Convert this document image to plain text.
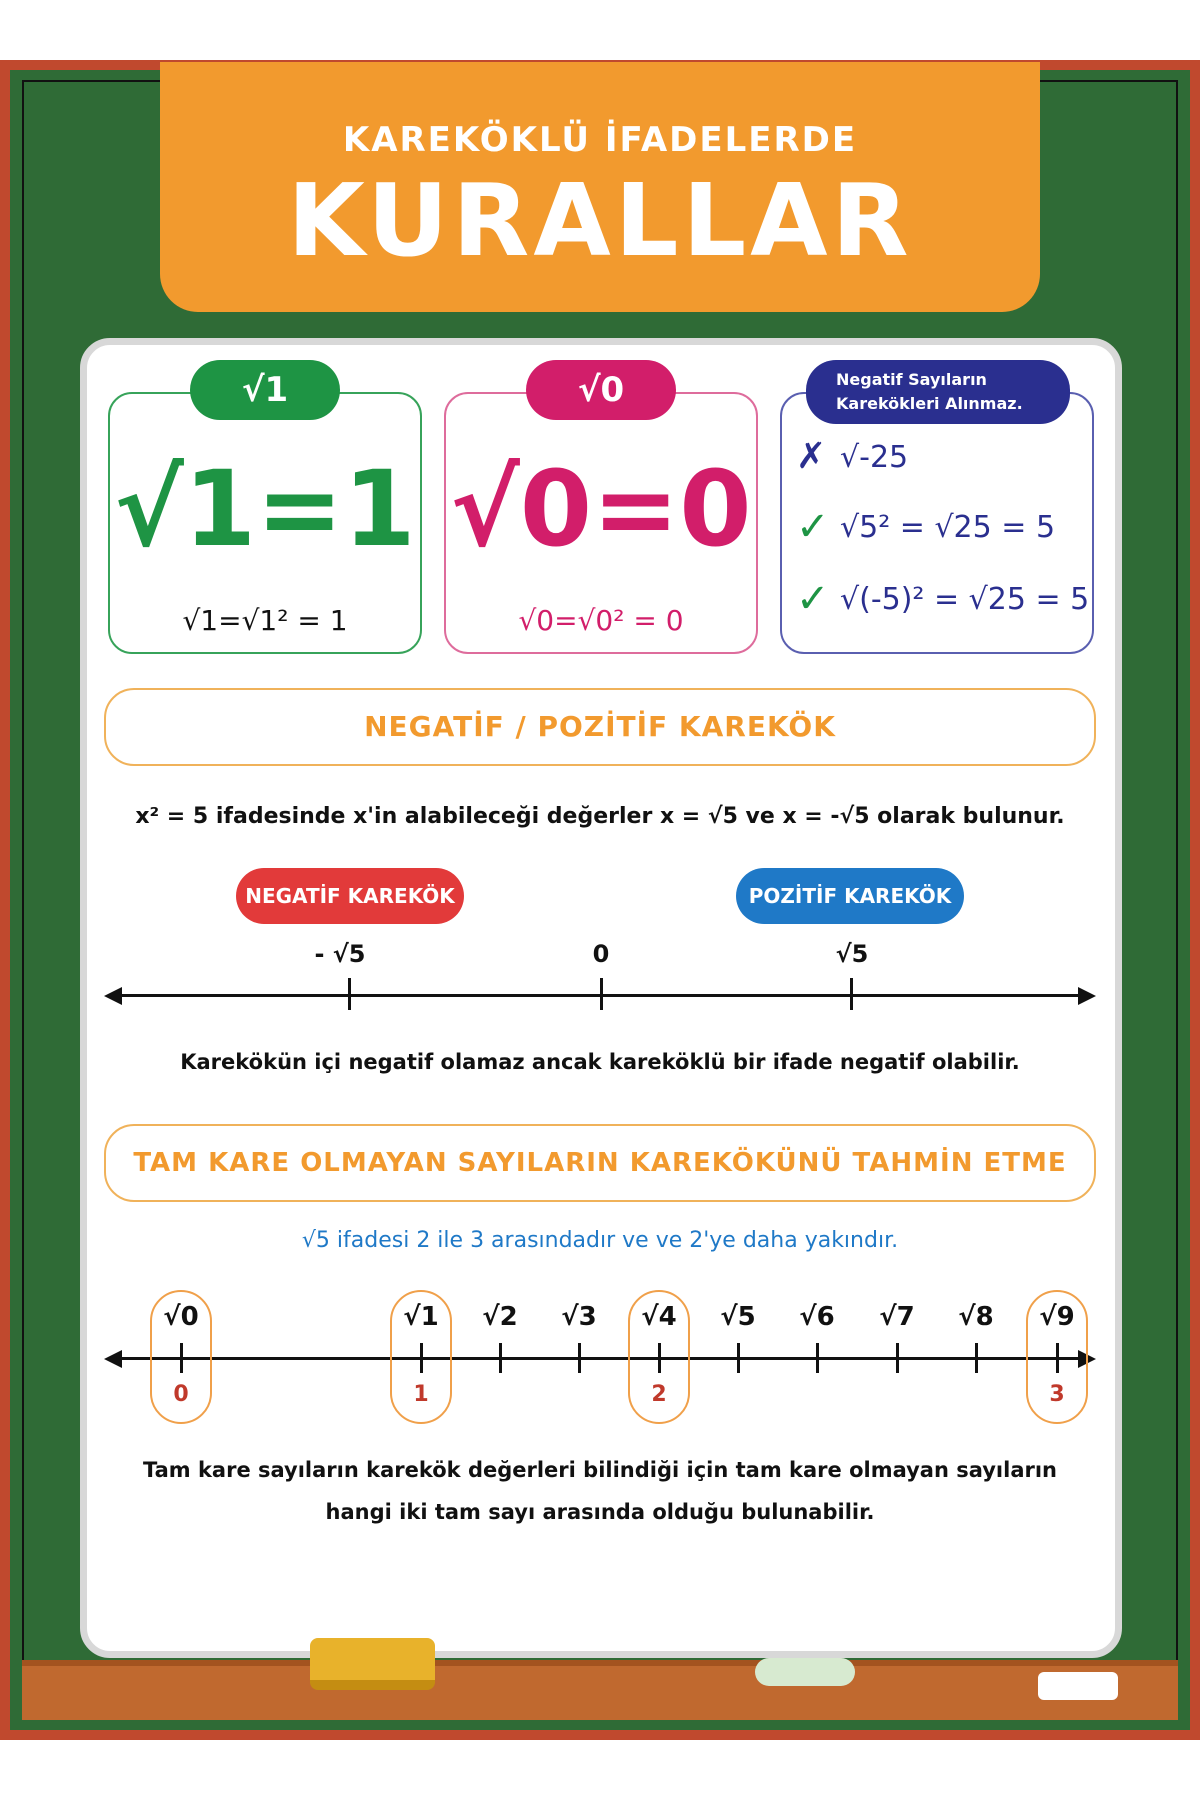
KAREKÖKLÜ İFADELERDE
KURALLAR
√1
√1=1
√1=√1² = 1
√0
√0=0
√0=√0² = 0
Negatif Sayıların Karekökleri Alınmaz.
✗ √-25
✓ √5² = √25 = 5
✓ √(-5)² = √25 = 5
NEGATİF / POZİTİF KAREKÖK
x² = 5 ifadesinde x'in alabileceği değerler x = √5 ve x = -√5 olarak bulunur.
NEGATİF KAREKÖK	POZİTİF KAREKÖK
- √5	0	√5
Karekökün içi negatif olamaz ancak kareköklü bir ifade negatif olabilir.
TAM KARE OLMAYAN SAYILARIN KAREKÖKÜNÜ TAHMİN ETME
√5 ifadesi 2 ile 3 arasındadır ve ve 2'ye daha yakındır.
√0
0
√1
1
√2	√3	√4
2
√5	√6	√7	√8	√9
3
Tam kare sayıların karekök değerleri bilindiği için tam kare olmayan sayıların
hangi iki tam sayı arasında olduğu bulunabilir.
